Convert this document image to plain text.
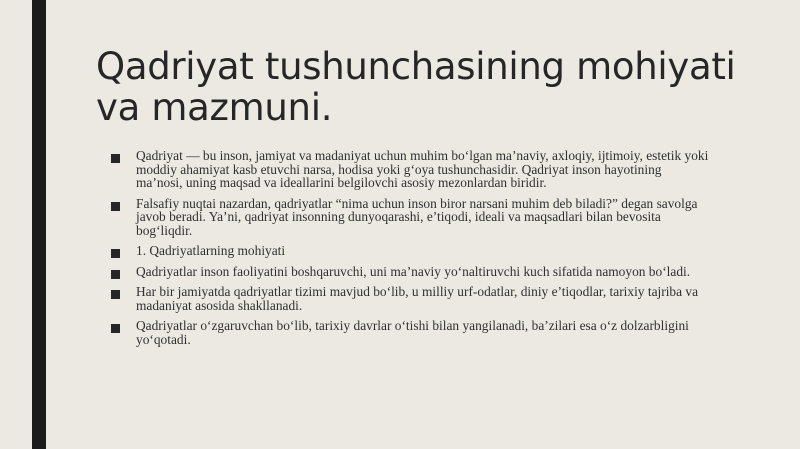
Qadriyat tushunchasining mohiyati va mazmuni.
Qadriyat — bu inson, jamiyat va madaniyat uchun muhim bo‘lgan ma’naviy, axloqiy, ijtimoiy, estetik yoki moddiy ahamiyat kasb etuvchi narsa, hodisa yoki g‘oya tushunchasidir. Qadriyat inson hayotining ma’nosi, uning maqsad va ideallarini belgilovchi asosiy mezonlardan biridir.
Falsafiy nuqtai nazardan, qadriyatlar “nima uchun inson biror narsani muhim deb biladi?” degan savolga javob beradi. Ya’ni, qadriyat insonning dunyoqarashi, e’tiqodi, ideali va maqsadlari bilan bevosita bog‘liqdir.
1. Qadriyatlarning mohiyati
Qadriyatlar inson faoliyatini boshqaruvchi, uni ma’naviy yo‘naltiruvchi kuch sifatida namoyon bo‘ladi.
Har bir jamiyatda qadriyatlar tizimi mavjud bo‘lib, u milliy urf-odatlar, diniy e’tiqodlar, tarixiy tajriba va madaniyat asosida shakllanadi.
Qadriyatlar o‘zgaruvchan bo‘lib, tarixiy davrlar o‘tishi bilan yangilanadi, ba’zilari esa o‘z dolzarbligini yo‘qotadi.
